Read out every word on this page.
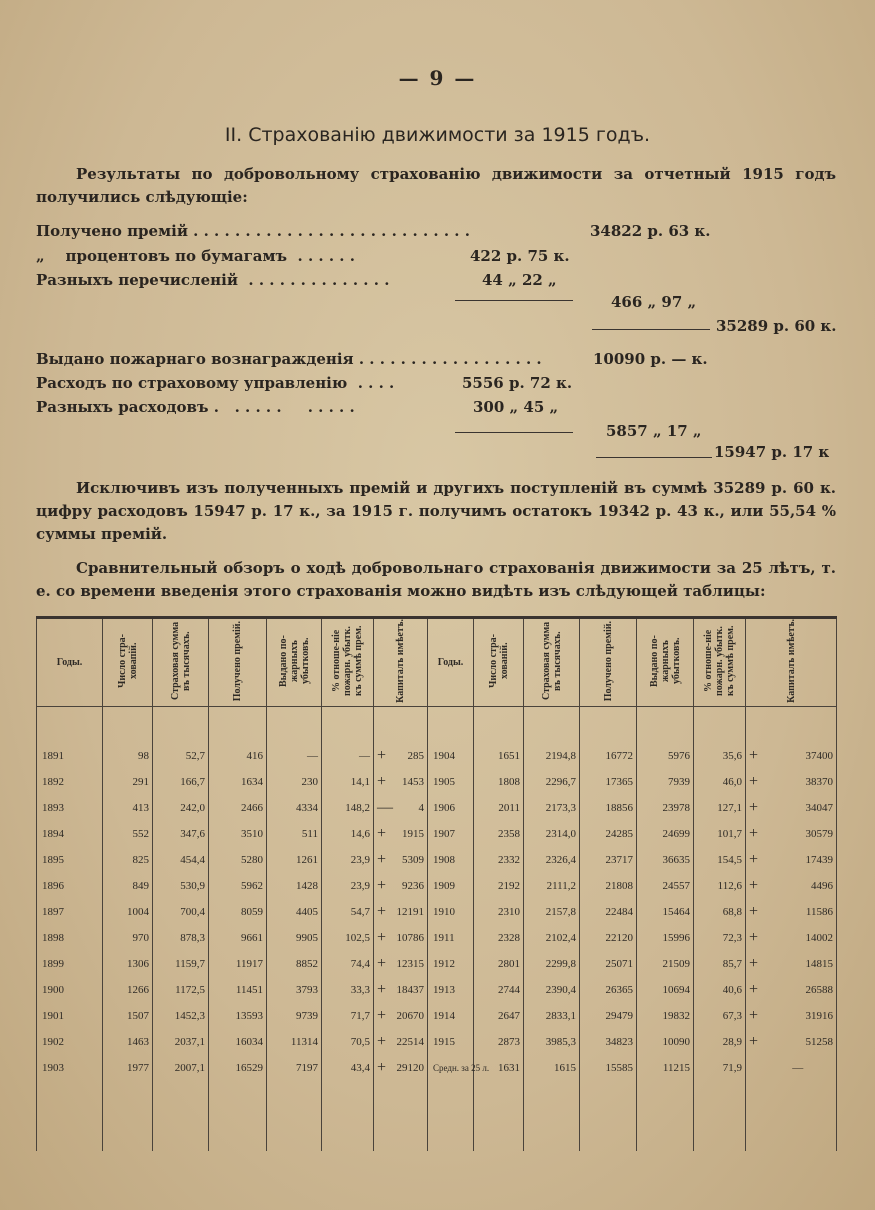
— 9 —
II. Страхованію движимости за 1915 годъ.
Результаты по добровольному страхованію движимости за отчетный 1915 годъ получились слѣдующіе:
Получено премій . . . . . . . . . . . . . . . . . . . . . . . . . . .	34822 р. 63 к.
„    процентовъ по бумагамъ  . . . . . .	422 р. 75 к.
Разныхъ перечисленій  . . . . . . . . . . . . . .	44 „ 22 „
466 „ 97 „
35289 р. 60 к.
Выдано пожарнаго вознагражденія . . . . . . . . . . . . . . . . . .	10090 р. — к.
Расходъ по страховому управленію  . . . .	5556 р. 72 к.
Разныхъ расходовъ .   . . . . .     . . . . .	300 „ 45 „
5857 „ 17 „
15947 р. 17 к
Исключивъ изъ полученныхъ премій и другихъ поступленій въ суммѣ 35289 р. 60 к. цифру расходовъ 15947 р. 17 к., за 1915 г. получимъ остатокъ 19342 р. 43 к., или 55,54 % суммы премій.
Сравнительный обзоръ о ходѣ добровольнаго страхованія движимости за 25 лѣтъ, т. е. со времени введенія этого страхованія можно видѣть изъ слѣдующей таблицы:
Годы.	Число стра-ховапій.	Страховая сумма въ тысячахъ.	Получено премій.	Выдано по-жарныхъ убытковъ.	% отноше-ніе пожарн. убытк. къ суммѣ прем.	Капиталъ имѣетъ.		Годы.	Число стра-хованій.	Страховая сумма въ тысячахъ.	Получено премій.	Выдано по-жарныхъ убытковъ.	% отноше-ніе пожарн. убытк. къ суммѣ прем.	Капиталъ имѣетъ.	

1891	98	52,7	416	—	—	+	285	1904	1651	2194,8	16772	5976	35,6	+	37400
1892	291	166,7	1634	230	14,1	+	1453	1905	1808	2296,7	17365	7939	46,0	+	38370
1893	413	242,0	2466	4334	148,2	—	4	1906	2011	2173,3	18856	23978	127,1	+	34047
1894	552	347,6	3510	511	14,6	+	1915	1907	2358	2314,0	24285	24699	101,7	+	30579
1895	825	454,4	5280	1261	23,9	+	5309	1908	2332	2326,4	23717	36635	154,5	+	17439
1896	849	530,9	5962	1428	23,9	+	9236	1909	2192	2111,2	21808	24557	112,6	+	4496
1897	1004	700,4	8059	4405	54,7	+	12191	1910	2310	2157,8	22484	15464	68,8	+	11586
1898	970	878,3	9661	9905	102,5	+	10786	1911	2328	2102,4	22120	15996	72,3	+	14002
1899	1306	1159,7	11917	8852	74,4	+	12315	1912	2801	2299,8	25071	21509	85,7	+	14815
1900	1266	1172,5	11451	3793	33,3	+	18437	1913	2744	2390,4	26365	10694	40,6	+	26588
1901	1507	1452,3	13593	9739	71,7	+	20670	1914	2647	2833,1	29479	19832	67,3	+	31916
1902	1463	2037,1	16034	11314	70,5	+	22514	1915	2873	3985,3	34823	10090	28,9	+	51258
1903	1977	2007,1	16529	7197	43,4	+	29120	Средн. за 25 л.	1631	1615	15585	11215	71,9		—
